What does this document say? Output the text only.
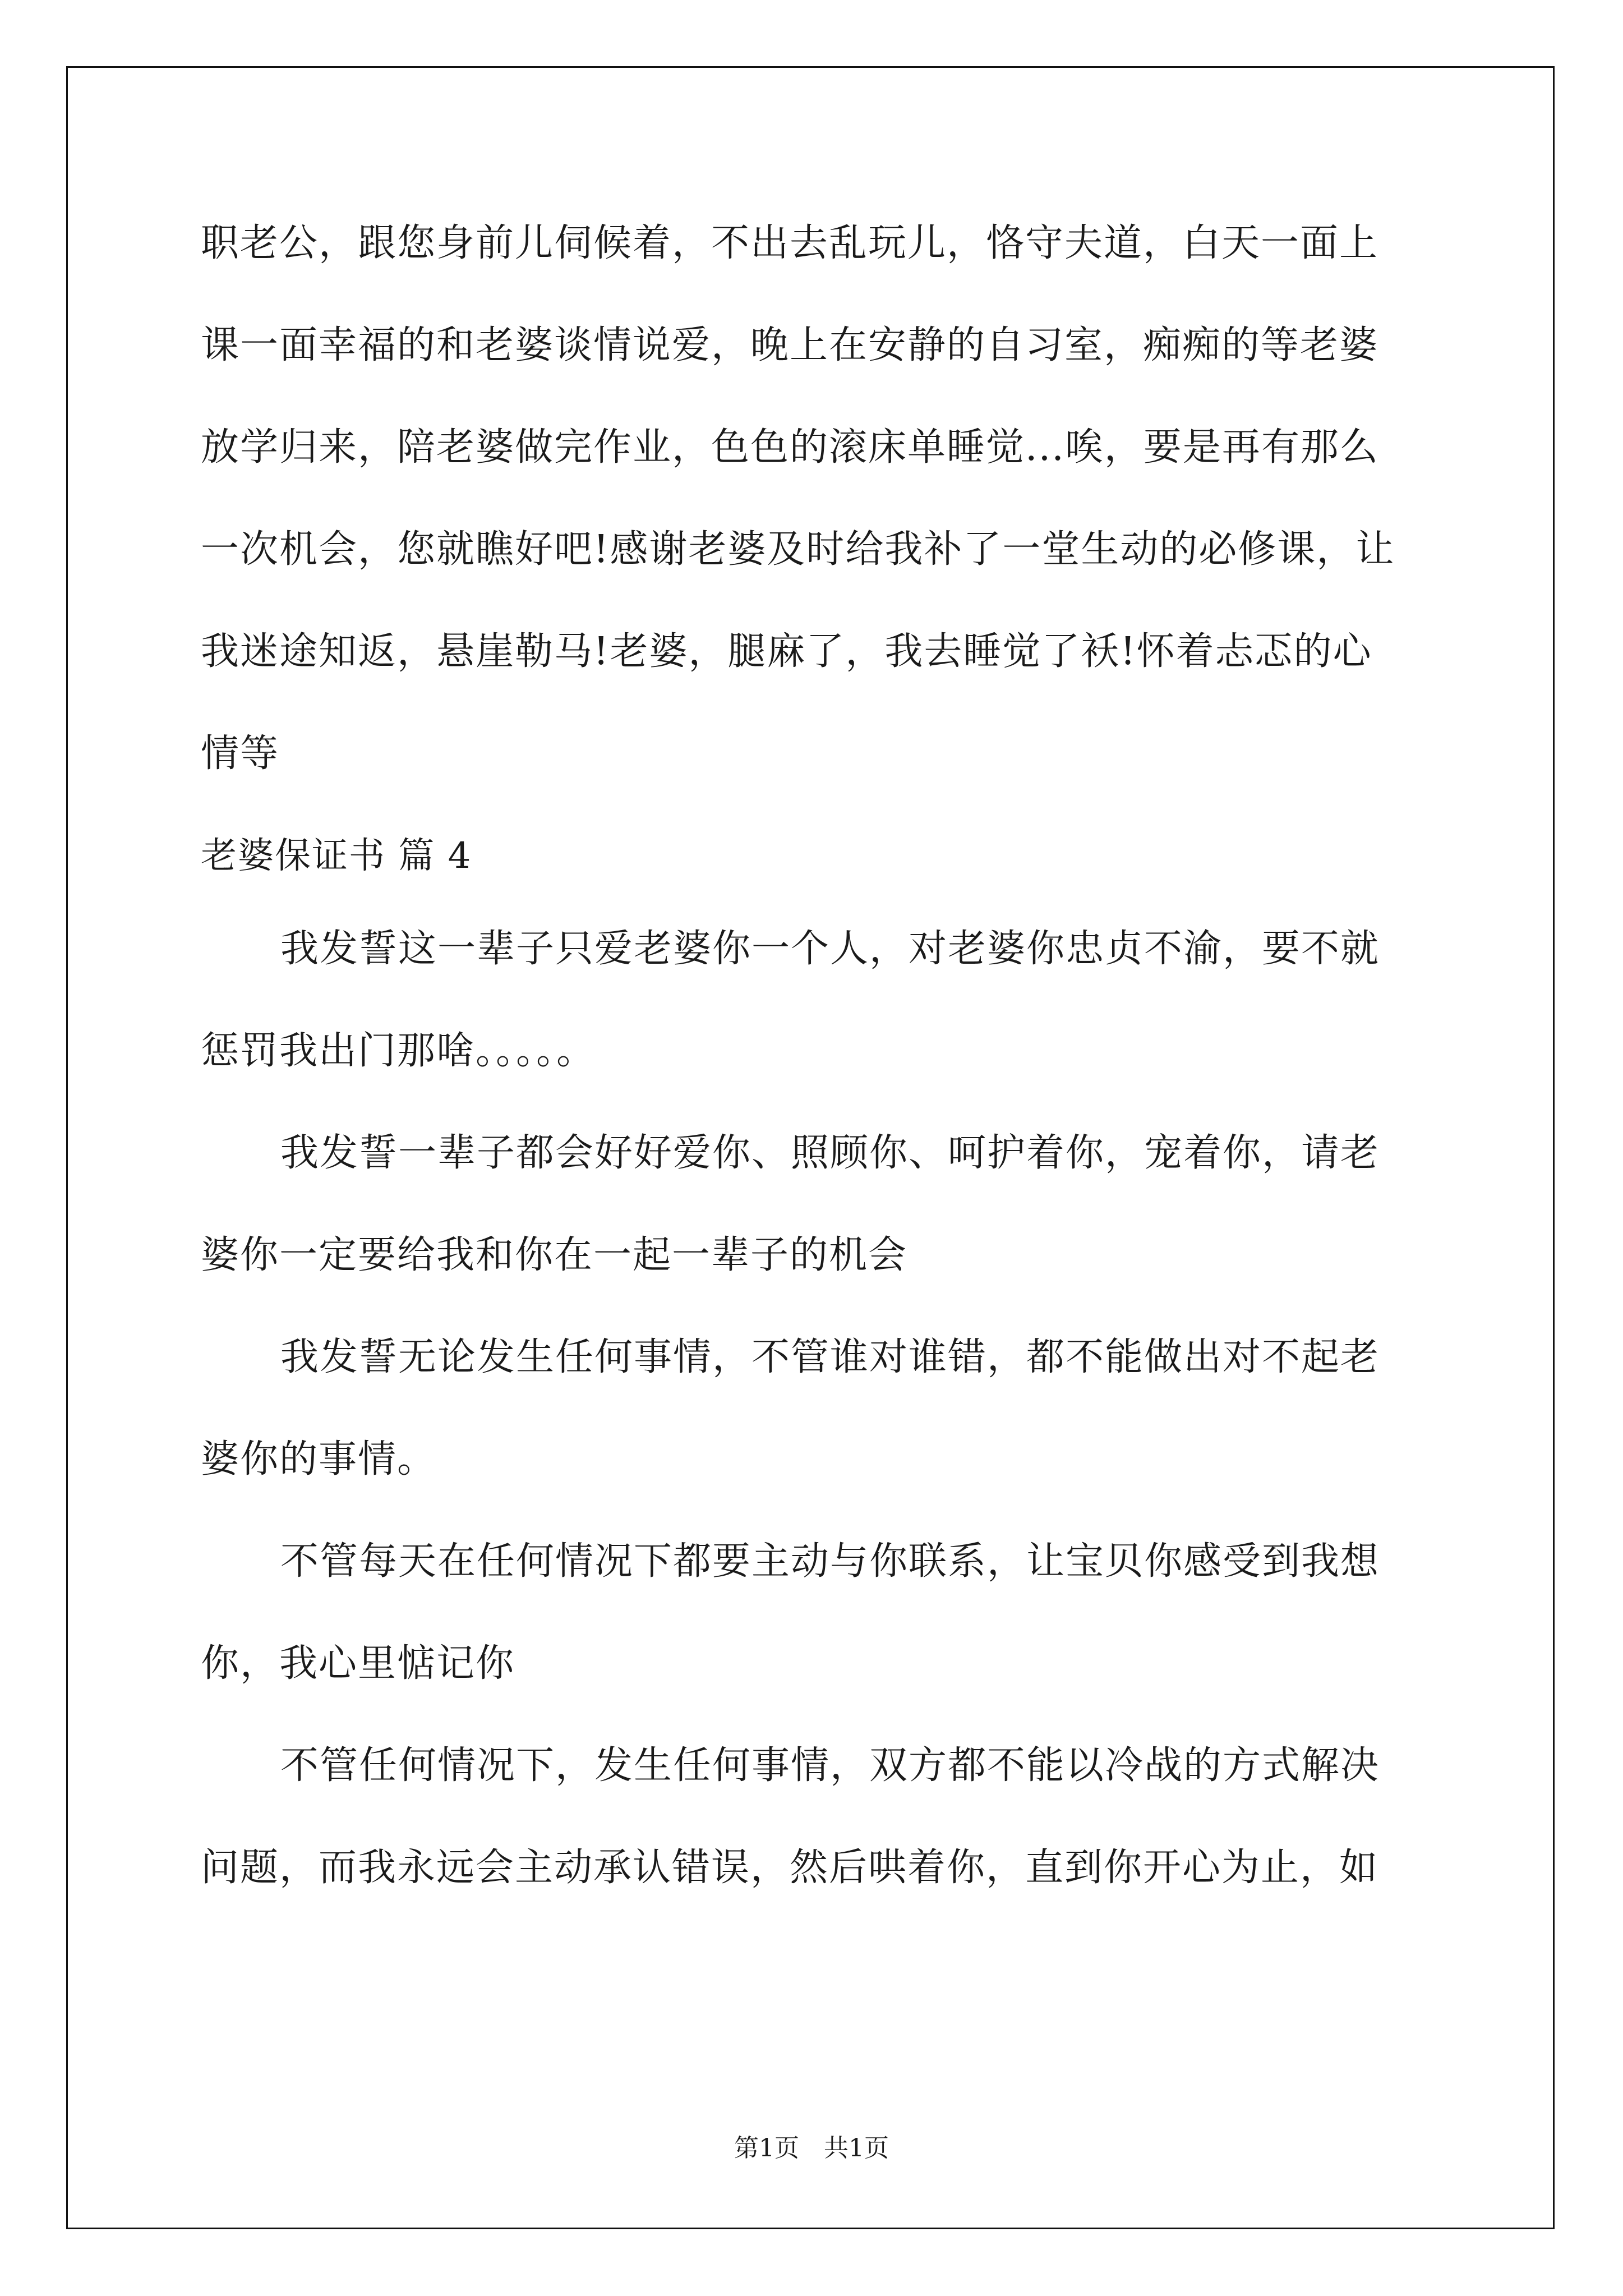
职老公，跟您身前儿伺候着，不出去乱玩儿，恪守夫道，白天一面上
课一面幸福的和老婆谈情说爱，晚上在安静的自习室，痴痴的等老婆
放学归来，陪老婆做完作业，色色的滚床单睡觉...唉，要是再有那么
一次机会，您就瞧好吧!感谢老婆及时给我补了一堂生动的必修课，让
我迷途知返，悬崖勒马!老婆，腿麻了，我去睡觉了袄!怀着忐忑的心
情等
老婆保证书 篇 4
我发誓这一辈子只爱老婆你一个人，对老婆你忠贞不渝，要不就
惩罚我出门那啥。。。。。
我发誓一辈子都会好好爱你、照顾你、呵护着你，宠着你，请老
婆你一定要给我和你在一起一辈子的机会
我发誓无论发生任何事情，不管谁对谁错，都不能做出对不起老
婆你的事情。
不管每天在任何情况下都要主动与你联系，让宝贝你感受到我想
你，我心里惦记你
不管任何情况下，发生任何事情，双方都不能以冷战的方式解决
问题，而我永远会主动承认错误，然后哄着你，直到你开心为止，如
第1页　共1页
